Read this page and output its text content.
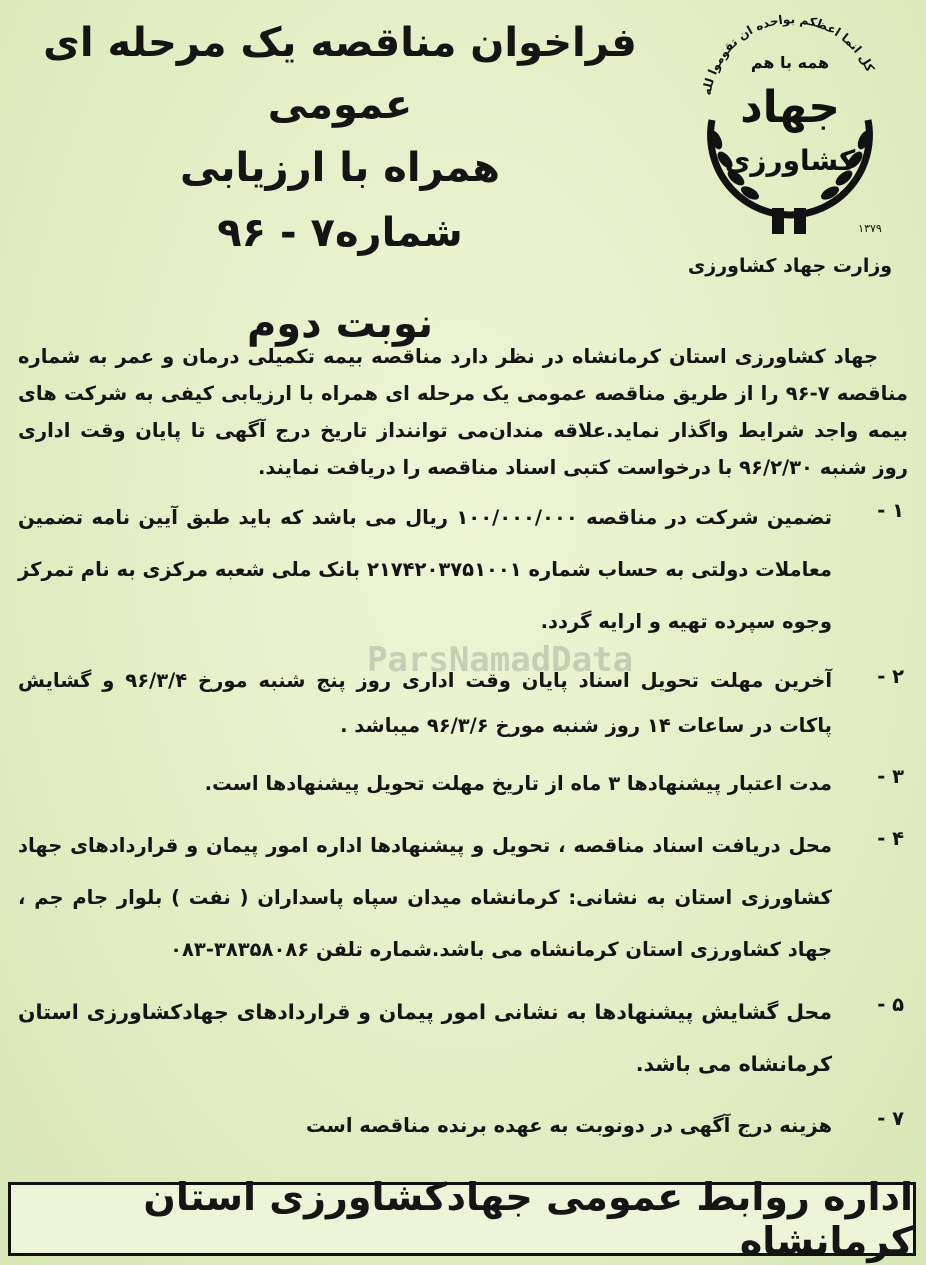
فراخوان مناقصه یک مرحله ای عمومی
همراه با ارزیابی
شماره۷ - ۹۶
نوبت دوم
کل انما اعظکم بواحده ان تقوموا لله
همه با هم
جهاد
کشاورزی
۱۳۷۹
وزارت جهاد کشاورزی
ParsNamadData

جهاد کشاورزی استان کرمانشاه در نظر دارد مناقصه بیمه تکمیلی درمان و عمر به شماره مناقصه ۷-۹۶ را از طریق مناقصه عمومی یک مرحله ای همراه با ارزیابی کیفی به شرکت های بیمه واجد شرایط واگذار نماید.علاقه مندان‌می توانند‌از تاریخ درج آگهی تا پایان وقت اداری روز شنبه ۹۶/۲/۳۰ با درخواست کتبی اسناد مناقصه را دریافت نمایند.

۱ -
تضمین شرکت در مناقصه ۱۰۰/۰۰۰/۰۰۰ ریال می باشد که باید طبق آیین نامه تضمین معاملات دولتی به حساب شماره ۲۱۷۴۲۰۳۷۵۱۰۰۱ بانک ملی شعبه مرکزی به نام تمرکز وجوه سپرده تهیه و ارایه گردد.
۲ -
آخرین مهلت تحویل اسناد پایان وقت اداری روز پنج شنبه مورخ ۹۶/۳/۴ و گشایش پاکات در ساعات ۱۴ روز شنبه مورخ ۹۶/۳/۶ میباشد .
۳ -
مدت اعتبار پیشنهادها ۳ ماه از تاریخ مهلت تحویل پیشنهادها است.
۴ -
محل دریافت اسناد مناقصه ، تحویل و پیشنهادها اداره امور پیمان و قراردادهای جهاد کشاورزی استان به نشانی: کرمانشاه میدان سپاه پاسداران ( نفت ) بلوار جام جم ، جهاد کشاورزی استان کرمانشاه می باشد.شماره تلفن ۳۸۳۵۸۰۸۶-۰۸۳
۵ -
محل گشایش پیشنهادها به نشانی امور پیمان و قراردادهای جهادکشاورزی استان کرمانشاه می باشد.
۷ -
هزینه درج آگهی در دونوبت به عهده برنده مناقصه است
اداره روابط عمومی جهادکشاورزی استان کرمانشاه
